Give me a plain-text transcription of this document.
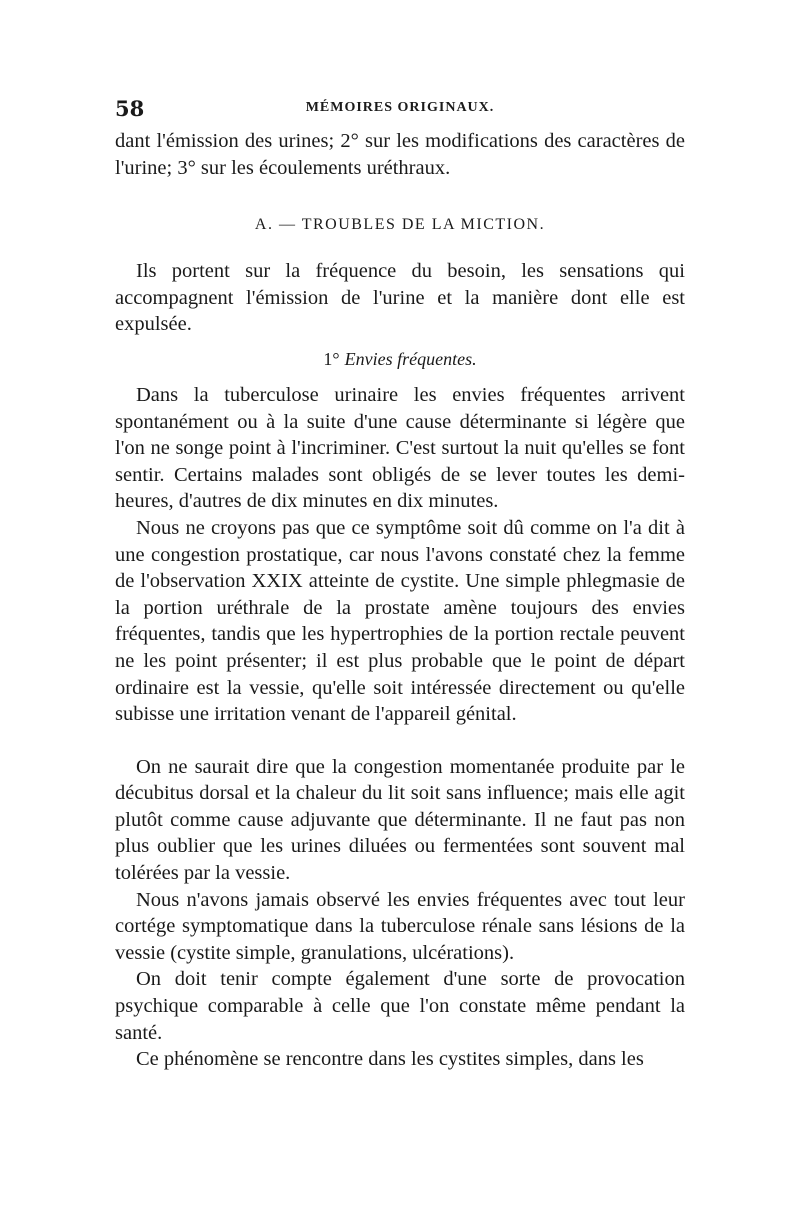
58	MÉMOIRES ORIGINAUX.

dant l'émission des urines; 2° sur les modifications des caractères de l'urine; 3° sur les écoulements uréthraux.

A. — TROUBLES DE LA MICTION.

Ils portent sur la fréquence du besoin, les sensations qui accompagnent l'émission de l'urine et la manière dont elle est expulsée.

1° Envies fréquentes.

Dans la tuberculose urinaire les envies fréquentes arrivent spontanément ou à la suite d'une cause déterminante si légère que l'on ne songe point à l'incriminer. C'est surtout la nuit qu'elles se font sentir. Certains malades sont obligés de se lever toutes les demi-heures, d'autres de dix minutes en dix minutes.

Nous ne croyons pas que ce symptôme soit dû comme on l'a dit à une congestion prostatique, car nous l'avons constaté chez la femme de l'observation XXIX atteinte de cystite. Une simple phlegmasie de la portion uréthrale de la prostate amène toujours des envies fréquentes, tandis que les hypertrophies de la portion rectale peuvent ne les point présenter; il est plus probable que le point de départ ordinaire est la vessie, qu'elle soit intéressée directement ou qu'elle subisse une irritation venant de l'appareil génital.

On ne saurait dire que la congestion momentanée produite par le décubitus dorsal et la chaleur du lit soit sans influence; mais elle agit plutôt comme cause adjuvante que déterminante. Il ne faut pas non plus oublier que les urines diluées ou fermentées sont souvent mal tolérées par la vessie.

Nous n'avons jamais observé les envies fréquentes avec tout leur cortége symptomatique dans la tuberculose rénale sans lésions de la vessie (cystite simple, granulations, ulcérations).

On doit tenir compte également d'une sorte de provocation psychique comparable à celle que l'on constate même pendant la santé.

Ce phénomène se rencontre dans les cystites simples, dans les
